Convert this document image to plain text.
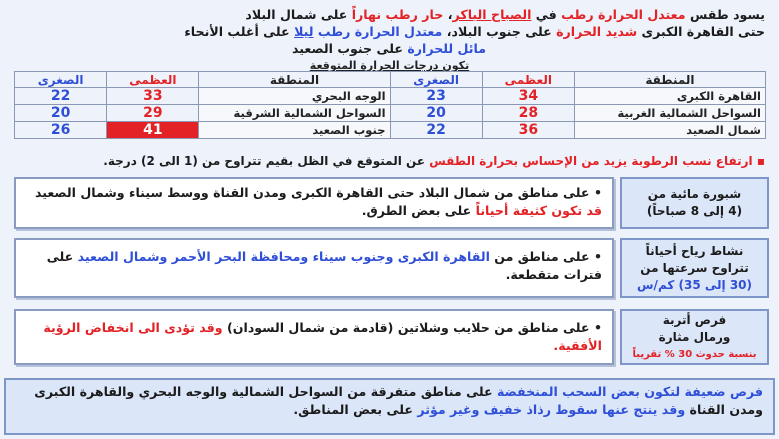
يسود طقس معتدل الحرارة رطب في الصباح الباكر، حار رطب نهاراً على شمال البلاد
حتى القاهرة الكبرى شديد الحرارة على جنوب البلاد، معتدل الحرارة رطب ليلا على أغلب الأنحاء
مائل للحرارة على جنوب الصعيد
تكون درجات الحرارة المتوقعة
المنطقة	العظمى	الصغرى	المنطقة	العظمى	الصغرى
القاهرة الكبرى	34	23	الوجه البحري	33	22
السواحل الشمالية الغربية	28	20	السواحل الشمالية الشرقية	29	20
شمال الصعيد	36	22	جنوب الصعيد	41	26
▪ ارتفاع نسب الرطوبة يزيد من الإحساس بحرارة الطقس عن المتوقع في الظل بقيم تتراوح من (1 الى 2) درجة.
شبورة مائية من
(4 إلى 8 صباحاً)
• على مناطق من شمال البلاد حتى القاهرة الكبرى ومدن القناة ووسط سيناء وشمال الصعيد قد تكون كثيفة أحياناً على بعض الطرق.
نشاط رياح أحياناً
تتراوح سرعتها من
(30 إلى 35) كم/س
• على مناطق من القاهرة الكبرى وجنوب سيناء ومحافظة البحر الأحمر وشمال الصعيد على فترات متقطعة.
فرص أتربة
ورمال مثارة
بنسبة حدوث 30 % تقريباً
• على مناطق من حلايب وشلاتين (قادمة من شمال السودان) وقد تؤدى الى انخفاض الرؤية الأفقية.
فرص ضعيفة لتكون بعض السحب المنخفضة على مناطق متفرقة من السواحل الشمالية والوجه البحري والقاهرة الكبرى ومدن القناة وقد ينتج عنها سقوط رذاذ خفيف وغير مؤثر على بعض المناطق.
